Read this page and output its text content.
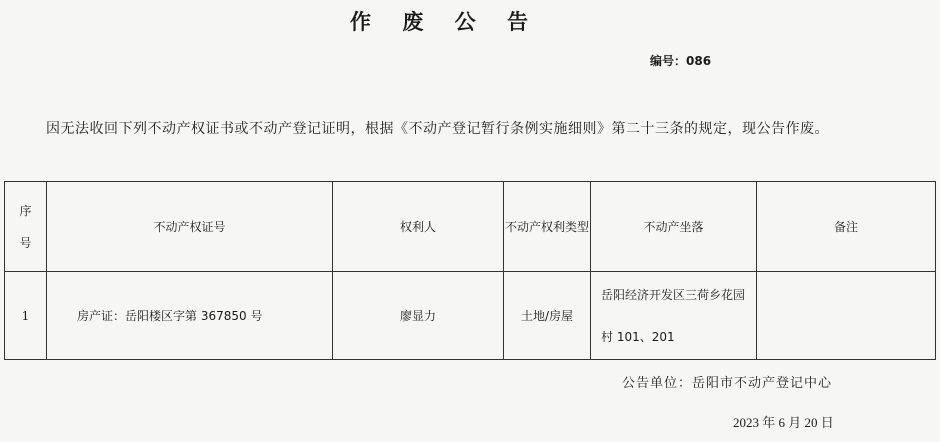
作 废 公 告
编号：086
因无法收回下列不动产权证书或不动产登记证明，根据《不动产登记暂行条例实施细则》第二十三条的规定，现公告作废。
序号	不动产权证号	权利人	不动产权利类型	不动产坐落	备注
1	房产证：岳阳楼区字第 367850 号	廖显力	土地/房屋	岳阳经济开发区三荷乡花园村 101、201	
公告单位：岳阳市不动产登记中心
2023 年 6 月 20 日
